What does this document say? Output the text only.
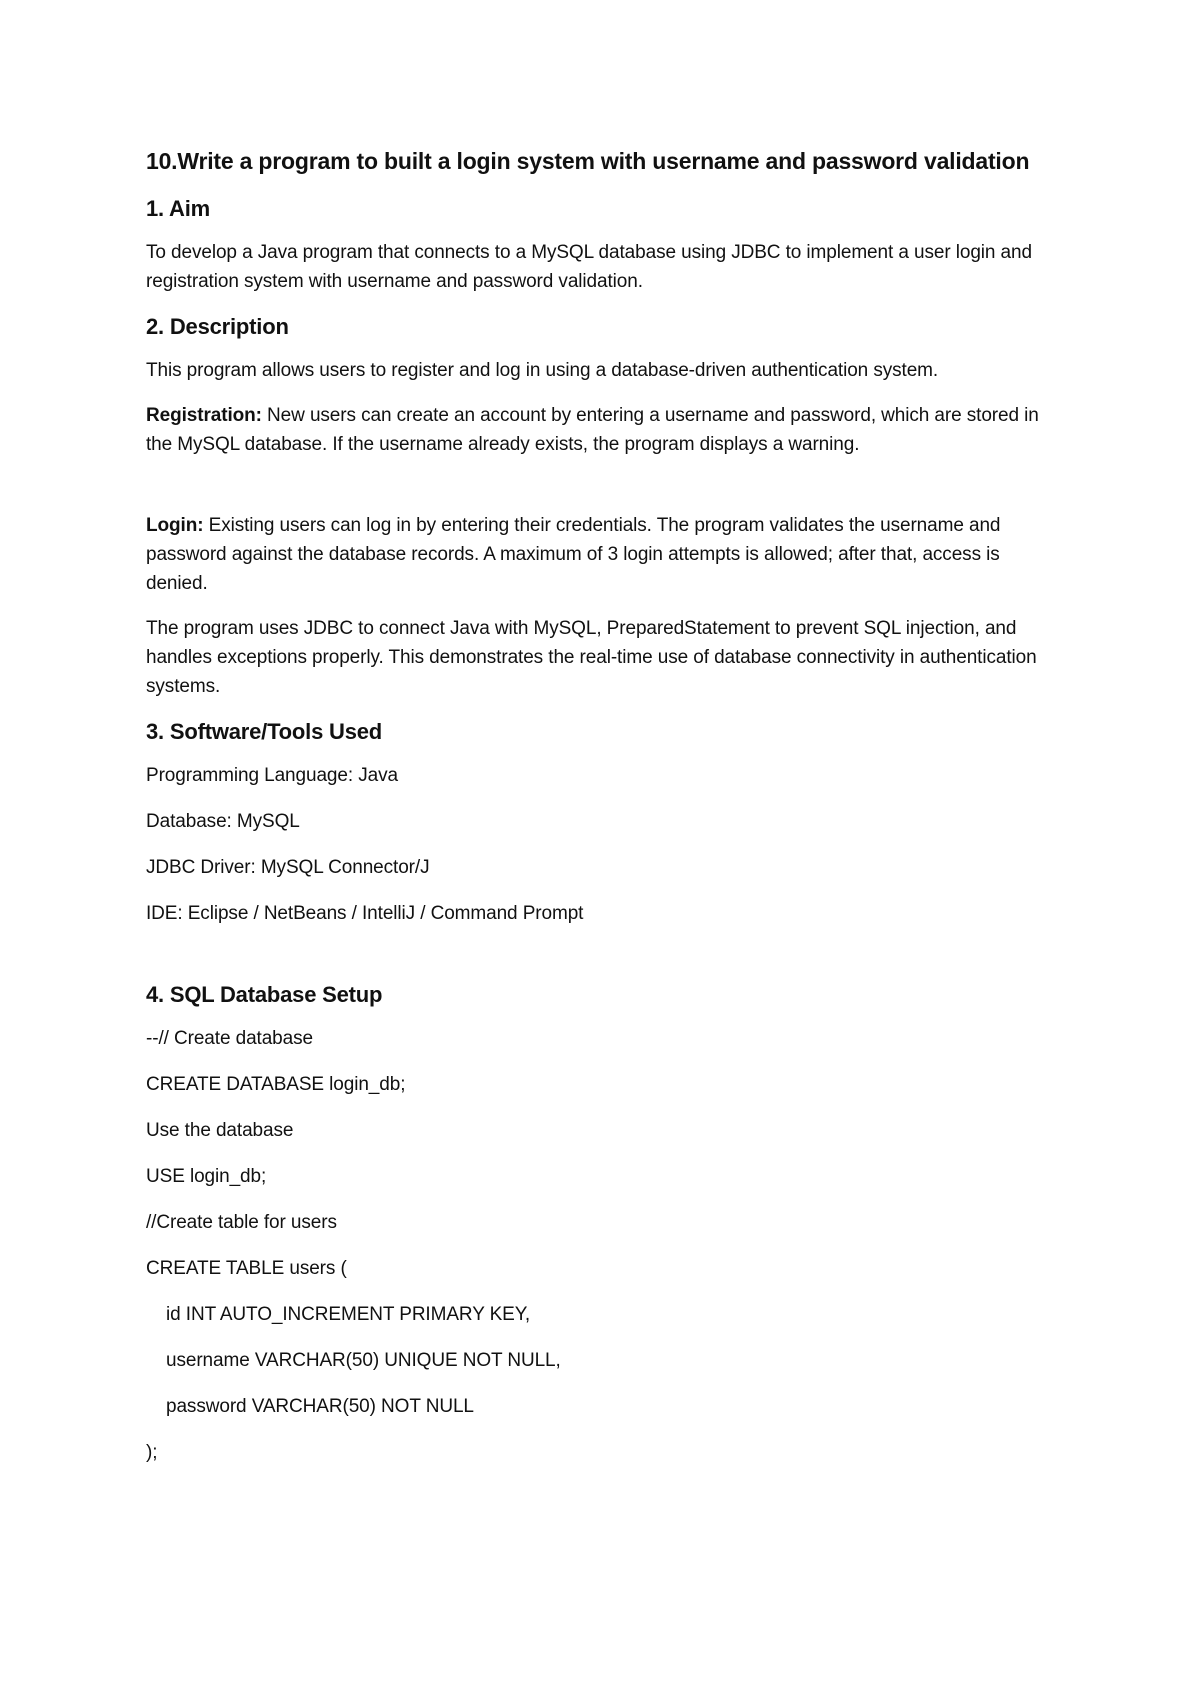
10.Write a program to built a login system with username and password validation
1. Aim
To develop a Java program that connects to a MySQL database using JDBC to implement a user login and registration system with username and password validation.
2. Description
This program allows users to register and log in using a database-driven authentication system.
Registration: New users can create an account by entering a username and password, which are stored in the MySQL database. If the username already exists, the program displays a warning.
Login: Existing users can log in by entering their credentials. The program validates the username and password against the database records. A maximum of 3 login attempts is allowed; after that, access is denied.
The program uses JDBC to connect Java with MySQL, PreparedStatement to prevent SQL injection, and handles exceptions properly. This demonstrates the real-time use of database connectivity in authentication systems.
3. Software/Tools Used
Programming Language: Java
Database: MySQL
JDBC Driver: MySQL Connector/J
IDE: Eclipse / NetBeans / IntelliJ / Command Prompt
4. SQL Database Setup
--// Create database
CREATE DATABASE login_db;
Use the database
USE login_db;
//Create table for users
CREATE TABLE users (
id INT AUTO_INCREMENT PRIMARY KEY,
username VARCHAR(50) UNIQUE NOT NULL,
password VARCHAR(50) NOT NULL
);
